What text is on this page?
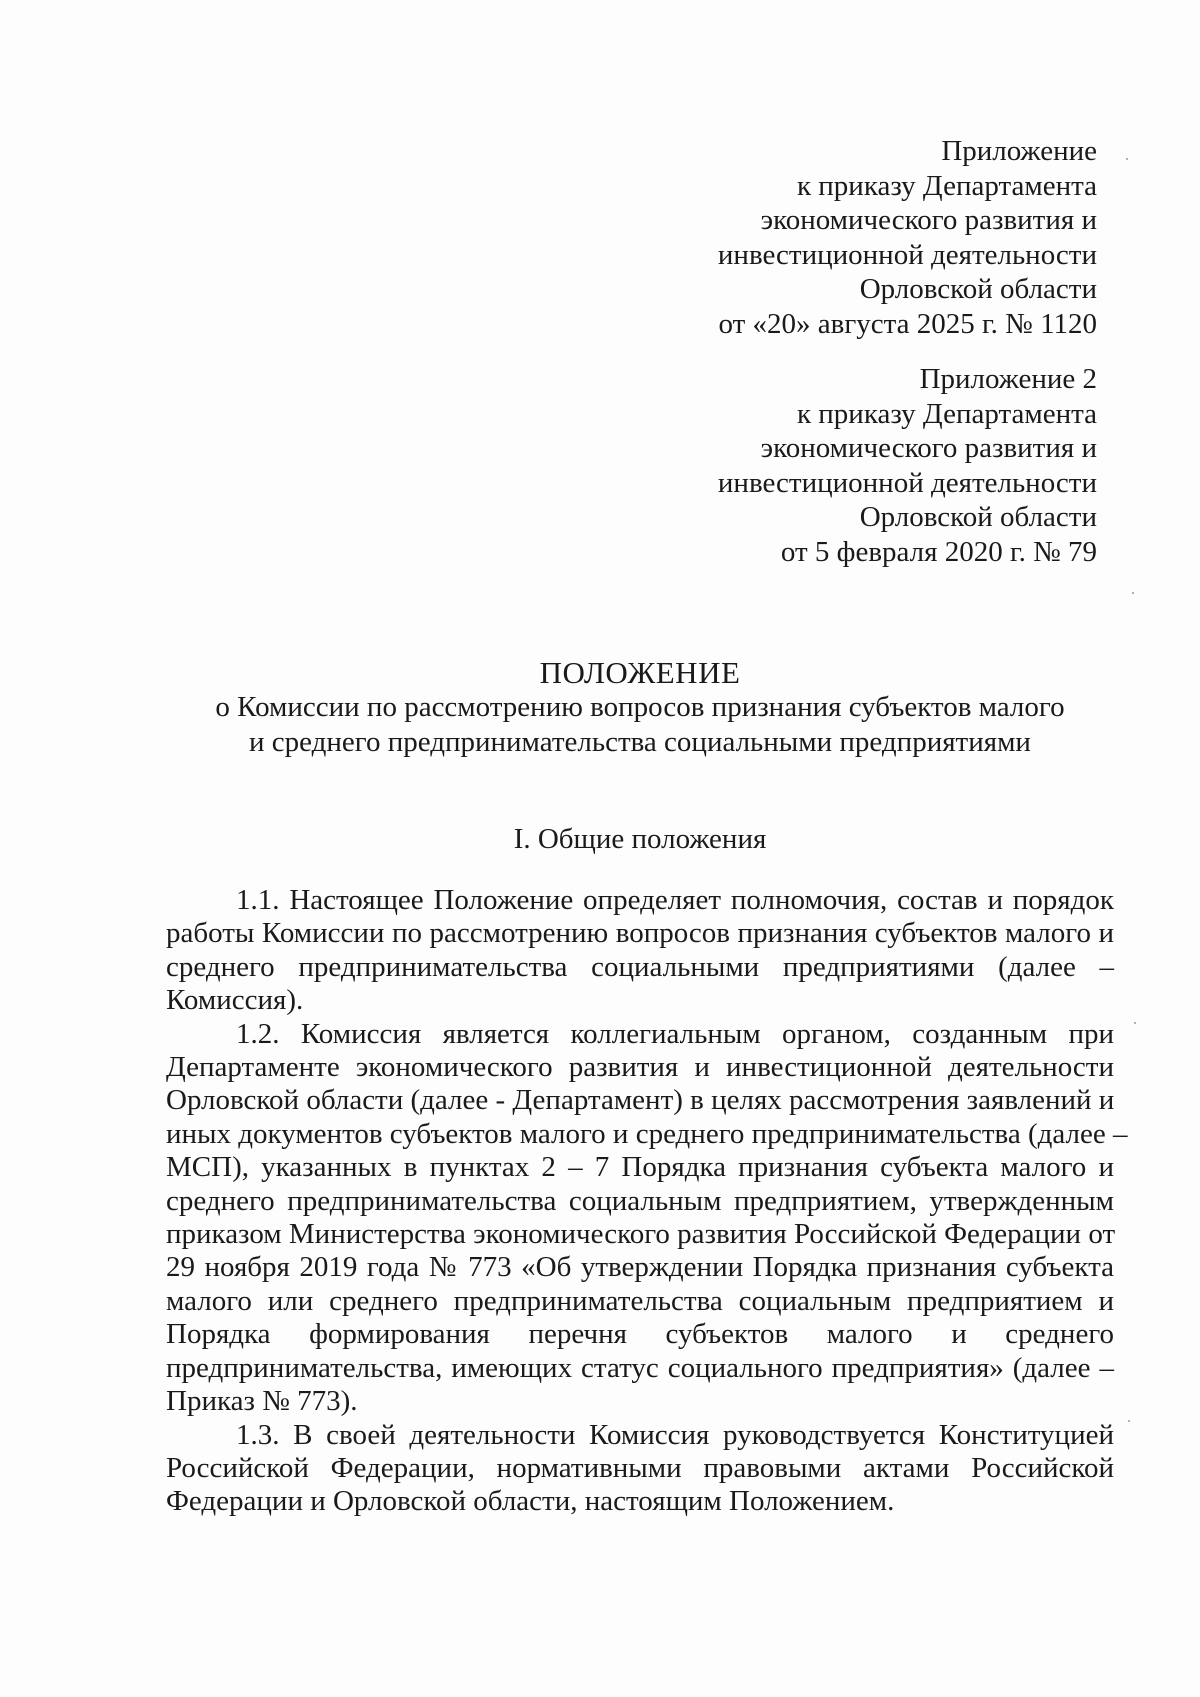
Приложение
к приказу Департамента
экономического развития и
инвестиционной деятельности
Орловской области
от «20» августа 2025 г. № 1120
Приложение 2
к приказу Департамента
экономического развития и
инвестиционной деятельности
Орловской области
от 5 февраля 2020 г. № 79
ПОЛОЖЕНИЕ
о Комиссии по рассмотрению вопросов признания субъектов малого
и среднего предпринимательства социальными предприятиями
I. Общие положения
1.1. Настоящее Положение определяет полномочия, состав и порядок
работы Комиссии по рассмотрению вопросов признания субъектов малого и
среднего предпринимательства социальными предприятиями (далее –
Комиссия).
1.2. Комиссия является коллегиальным органом, созданным при
Департаменте экономического развития и инвестиционной деятельности
Орловской области (далее - Департамент) в целях рассмотрения заявлений и
иных документов субъектов малого и среднего предпринимательства (далее –
МСП), указанных в пунктах 2 – 7 Порядка признания субъекта малого и
среднего предпринимательства социальным предприятием, утвержденным
приказом Министерства экономического развития Российской Федерации от
29 ноября 2019 года № 773 «Об утверждении Порядка признания субъекта
малого или среднего предпринимательства социальным предприятием и
Порядка формирования перечня субъектов малого и среднего
предпринимательства, имеющих статус социального предприятия» (далее –
Приказ № 773).
1.3. В своей деятельности Комиссия руководствуется Конституцией
Российской Федерации, нормативными правовыми актами Российской
Федерации и Орловской области, настоящим Положением.
